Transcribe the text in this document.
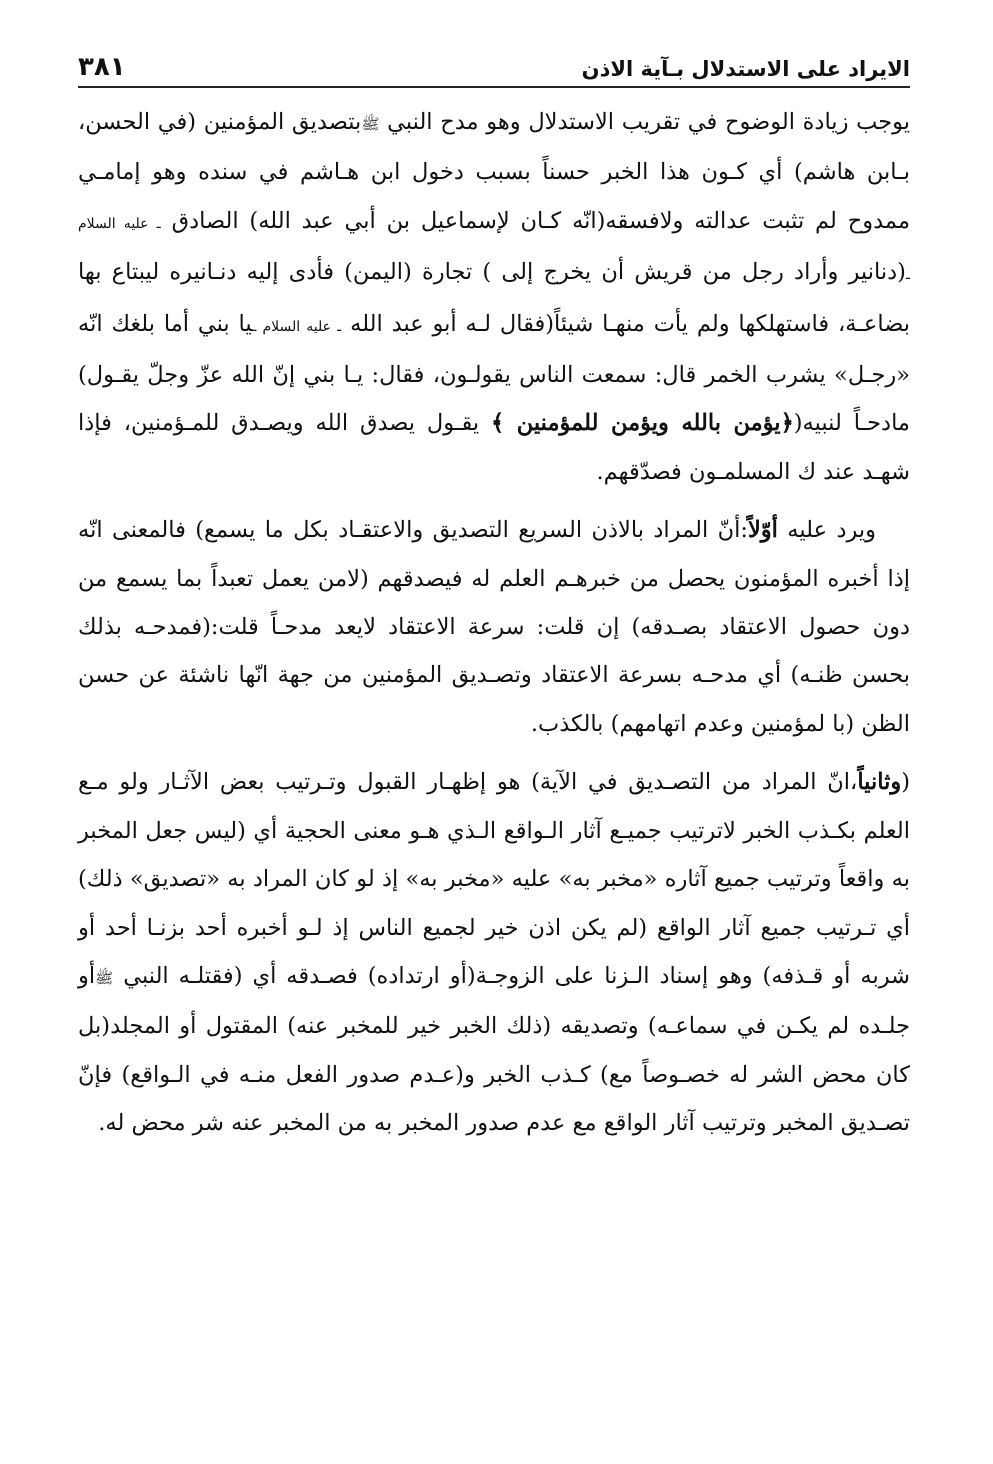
الايراد على الاستدلال بـآية الاذن
٣٨١

يوجب زيادة الوضوح في تقريب الاستدلال وهو مدح النبي ﷺبتصديق المؤمنين (في الحسن، بـابن هاشم) أي كـون هذا الخبر حسناً بسبب دخول ابن هـاشم في سنده وهو إمامـي ممدوح لم تثبت عدالته ولافسقه(انّه كـان لإسماعيل بن أبي عبد الله) الصادق ـ عليه السلام ـ(دنانير وأراد رجل من قريش أن يخرج إلى ) تجارة (اليمن) فأدى إليه دنـانيره ليبتاع بها بضاعـة، فاستهلكها ولم يأت منهـا شيئاً(فقال لـه أبو عبد الله ـ عليه السلام ـيا بني أما بلغك انّه «رجـل» يشرب الخمر قال: سمعت الناس يقولـون، فقال: يـا بني إنّ الله عزّ وجلّ يقـول) مادحـاً لنبيه(﴿يؤمن بالله ويؤمن للمؤمنين ﴾ يقـول يصدق الله ويصـدق للمـؤمنين، فإذا شهـد عند ك المسلمـون فصدّقهم.

ويرد عليه أوّلاً:أنّ المراد بالاذن السريع التصديق والاعتقـاد بكل ما يسمع) فالمعنى انّه إذا أخبره المؤمنون يحصل من خبرهـم العلم له فيصدقهم (لامن يعمل تعبداً بما يسمع من دون حصول الاعتقاد بصـدقه) إن قلت: سرعة الاعتقاد لايعد مدحـاً قلت:(فمدحـه بذلك بحسن ظنـه) أي مدحـه بسرعة الاعتقاد وتصـديق المؤمنين من جهة انّها ناشئة عن حسن الظن (با لمؤمنين وعدم اتهامهم) بالكذب.

(وثانياً،انّ المراد من التصـديق في الآية) هو إظهـار القبول وتـرتيب بعض الآثـار ولو مـع العلم بكـذب الخبر لاترتيب جميـع آثار الـواقع الـذي هـو معنى الحجية أي (ليس جعل المخبر به واقعاً وترتيب جميع آثاره «مخبر به» عليه «مخبر به» إذ لو كان المراد به «تصديق» ذلك) أي تـرتيب جميع آثار الواقع (لم يكن اذن خير لجميع الناس إذ لـو أخبره أحد بزنـا أحد أو شربه أو قـذفه) وهو إسناد الـزنا على الزوجـة(أو ارتداده) فصـدقه أي (فقتلـه النبي ﷺأو جلـده لم يكـن في سماعـه) وتصديقه (ذلك الخبر خير للمخبر عنه) المقتول أو المجلد(بل كان محض الشر له خصـوصاً مع) كـذب الخبر و(عـدم صدور الفعل منـه في الـواقع) فإنّ تصـديق المخبر وترتيب آثار الواقع مع عدم صدور المخبر به من المخبر عنه شر محض له.
